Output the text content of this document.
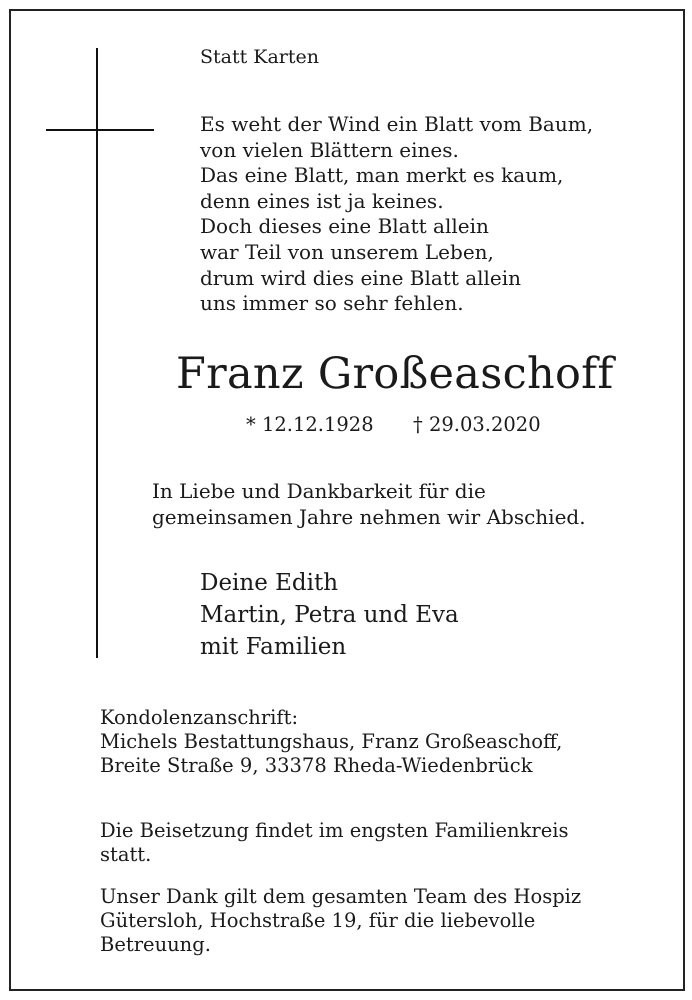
Statt Karten
Es weht der Wind ein Blatt vom Baum,
von vielen Blättern eines.
Das eine Blatt, man merkt es kaum,
denn eines ist ja keines.
Doch dieses eine Blatt allein
war Teil von unserem Leben,
drum wird dies eine Blatt allein
uns immer so sehr fehlen.
Franz Großeaschoff
* 12.12.1928 † 29.03.2020
In Liebe und Dankbarkeit für die
gemeinsamen Jahre nehmen wir Abschied.
Deine Edith
Martin, Petra und Eva
mit Familien
Kondolenzanschrift:
Michels Bestattungshaus, Franz Großeaschoff,
Breite Straße 9, 33378 Rheda-Wiedenbrück
Die Beisetzung findet im engsten Familienkreis
statt.
Unser Dank gilt dem gesamten Team des Hospiz
Gütersloh, Hochstraße 19, für die liebevolle
Betreuung.
